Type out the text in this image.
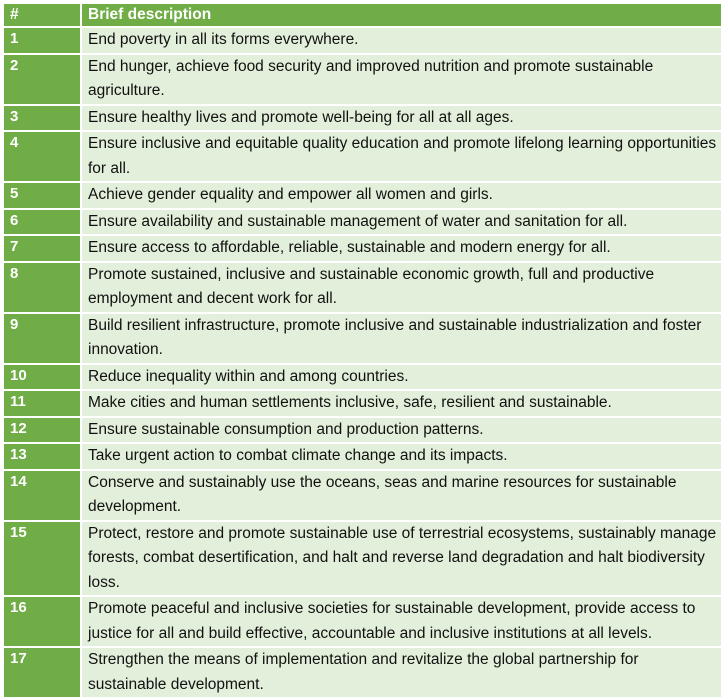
#	Brief description
1	End poverty in all its forms everywhere.
2	End hunger, achieve food security and improved nutrition and promote sustainable agriculture.
3	Ensure healthy lives and promote well-being for all at all ages.
4	Ensure inclusive and equitable quality education and promote lifelong learning opportunities for all.
5	Achieve gender equality and empower all women and girls.
6	Ensure availability and sustainable management of water and sanitation for all.
7	Ensure access to affordable, reliable, sustainable and modern energy for all.
8	Promote sustained, inclusive and sustainable economic growth, full and productive employment and decent work for all.
9	Build resilient infrastructure, promote inclusive and sustainable industrialization and foster innovation.
10	Reduce inequality within and among countries.
11	Make cities and human settlements inclusive, safe, resilient and sustainable.
12	Ensure sustainable consumption and production patterns.
13	Take urgent action to combat climate change and its impacts.
14	Conserve and sustainably use the oceans, seas and marine resources for sustainable development.
15	Protect, restore and promote sustainable use of terrestrial ecosystems, sustainably manage forests, combat desertification, and halt and reverse land degradation and halt biodiversity loss.
16	Promote peaceful and inclusive societies for sustainable development, provide access to justice for all and build effective, accountable and inclusive institutions at all levels.
17	Strengthen the means of implementation and revitalize the global partnership for sustainable development.
